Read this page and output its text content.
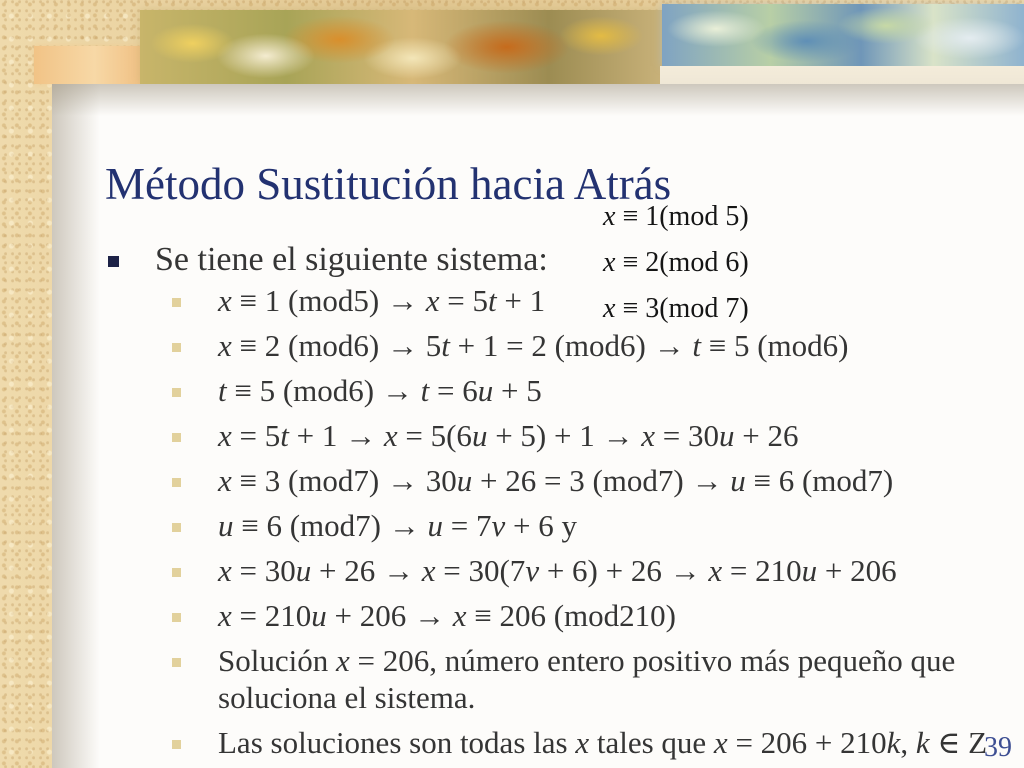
Método Sustitución hacia Atrás
x ≡ 1(mod 5)
x ≡ 2(mod 6)
x ≡ 3(mod 7)
Se tiene el siguiente sistema:
x ≡ 1 (mod5) → x = 5t + 1
x ≡ 2 (mod6) → 5t + 1 = 2 (mod6) → t ≡ 5 (mod6)
t ≡ 5 (mod6) → t = 6u + 5
x = 5t + 1 → x = 5(6u + 5) + 1 → x = 30u + 26
x ≡ 3 (mod7) → 30u + 26 = 3 (mod7) → u ≡ 6 (mod7)
u ≡ 6 (mod7) → u = 7v + 6 y
x = 30u + 26 → x = 30(7v + 6) + 26 → x = 210u + 206
x = 210u + 206 → x ≡ 206 (mod210)
Solución x = 206, número entero positivo más pequeño que soluciona el sistema.
Las soluciones son todas las x tales que x = 206 + 210k, k ∈ Z
39
